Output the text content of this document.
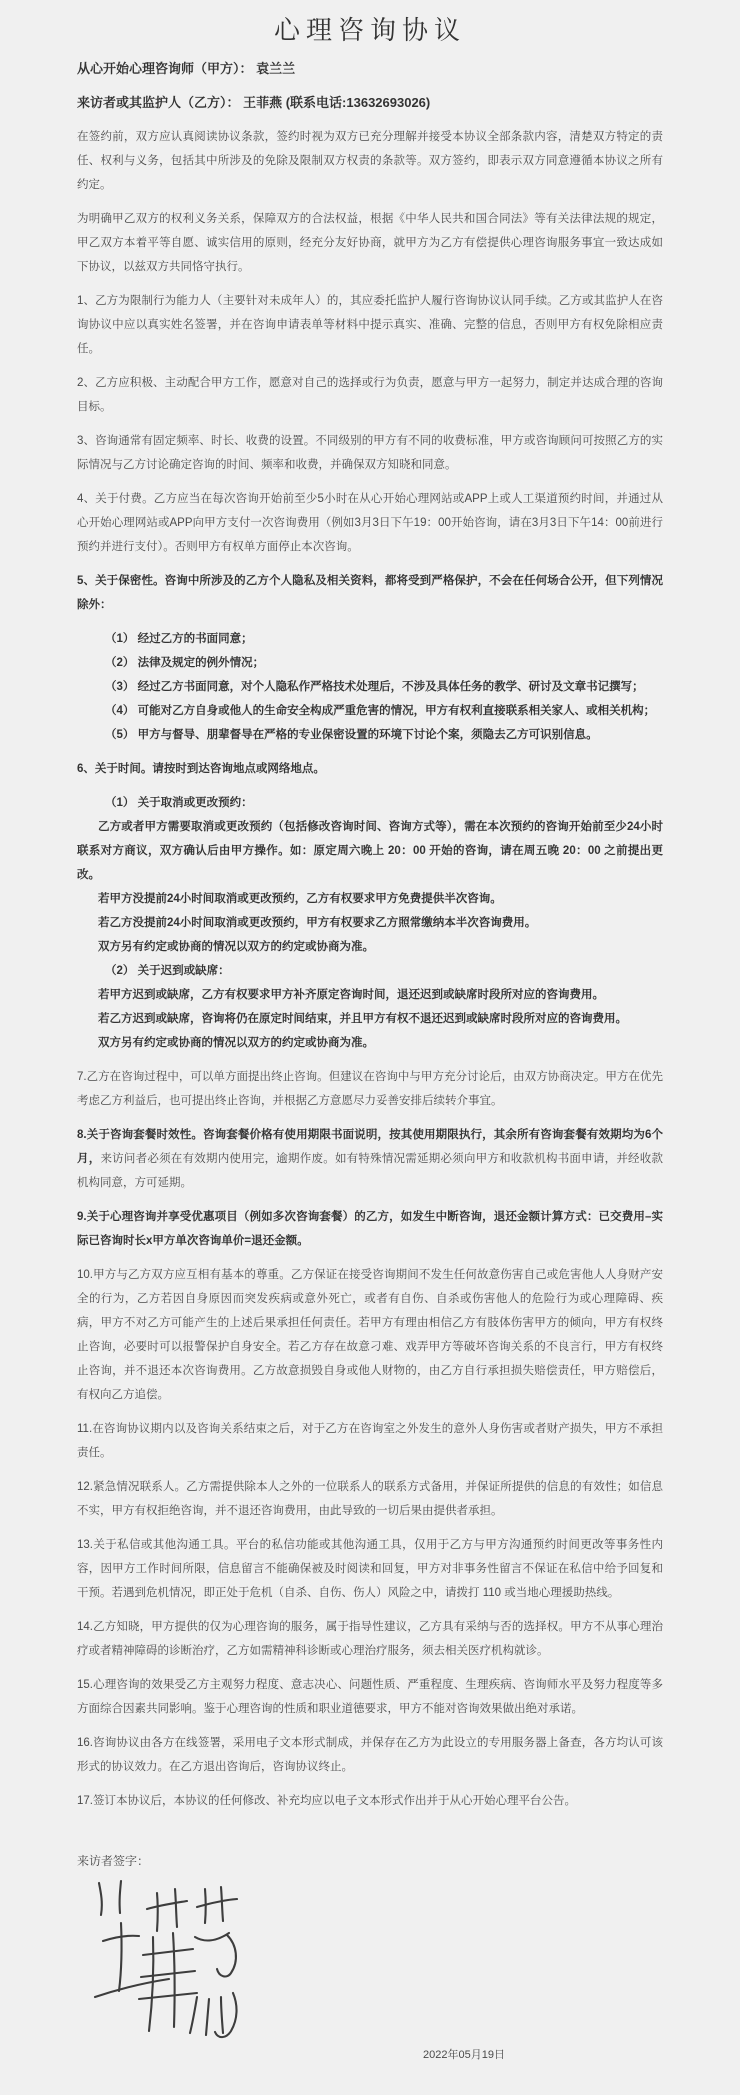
心理咨询协议

从心开始心理咨询师（甲方）： 袁兰兰

来访者或其监护人（乙方）： 王菲燕 (联系电话:13632693026)

在签约前，双方应认真阅读协议条款，签约时视为双方已充分理解并接受本协议全部条款内容，清楚双方特定的责任、权利与义务，包括其中所涉及的免除及限制双方权责的条款等。双方签约，即表示双方同意遵循本协议之所有约定。

为明确甲乙双方的权利义务关系，保障双方的合法权益，根据《中华人民共和国合同法》等有关法律法规的规定，甲乙双方本着平等自愿、诚实信用的原则，经充分友好协商，就甲方为乙方有偿提供心理咨询服务事宜一致达成如下协议，以兹双方共同恪守执行。

1、乙方为限制行为能力人（主要针对未成年人）的，其应委托监护人履行咨询协议认同手续。乙方或其监护人在咨询协议中应以真实姓名签署，并在咨询申请表单等材料中提示真实、准确、完整的信息，否则甲方有权免除相应责任。

2、乙方应积极、主动配合甲方工作，愿意对自己的选择或行为负责，愿意与甲方一起努力，制定并达成合理的咨询目标。

3、咨询通常有固定频率、时长、收费的设置。不同级别的甲方有不同的收费标准，甲方或咨询顾问可按照乙方的实际情况与乙方讨论确定咨询的时间、频率和收费，并确保双方知晓和同意。

4、关于付费。乙方应当在每次咨询开始前至少5小时在从心开始心理网站或APP上或人工渠道预约时间，并通过从心开始心理网站或APP向甲方支付一次咨询费用（例如3月3日下午19：00开始咨询，请在3月3日下午14：00前进行预约并进行支付）。否则甲方有权单方面停止本次咨询。

5、关于保密性。咨询中所涉及的乙方个人隐私及相关资料，都将受到严格保护，不会在任何场合公开，但下列情况除外：

（1） 经过乙方的书面同意；

（2） 法律及规定的例外情况；

（3） 经过乙方书面同意，对个人隐私作严格技术处理后，不涉及具体任务的教学、研讨及文章书记撰写；

（4） 可能对乙方自身或他人的生命安全构成严重危害的情况，甲方有权利直接联系相关家人、或相关机构；

（5） 甲方与督导、朋辈督导在严格的专业保密设置的环境下讨论个案，须隐去乙方可识别信息。

6、关于时间。请按时到达咨询地点或网络地点。

（1） 关于取消或更改预约：

乙方或者甲方需要取消或更改预约（包括修改咨询时间、咨询方式等），需在本次预约的咨询开始前至少24小时联系对方商议，双方确认后由甲方操作。如：原定周六晚上 20：00 开始的咨询，请在周五晚 20：00 之前提出更改。

若甲方没提前24小时间取消或更改预约，乙方有权要求甲方免费提供半次咨询。

若乙方没提前24小时间取消或更改预约，甲方有权要求乙方照常缴纳本半次咨询费用。

双方另有约定或协商的情况以双方的约定或协商为准。

（2） 关于迟到或缺席：

若甲方迟到或缺席，乙方有权要求甲方补齐原定咨询时间，退还迟到或缺席时段所对应的咨询费用。

若乙方迟到或缺席，咨询将仍在原定时间结束，并且甲方有权不退还迟到或缺席时段所对应的咨询费用。

双方另有约定或协商的情况以双方的约定或协商为准。

7.乙方在咨询过程中，可以单方面提出终止咨询。但建议在咨询中与甲方充分讨论后，由双方协商决定。甲方在优先考虑乙方利益后，也可提出终止咨询，并根据乙方意愿尽力妥善安排后续转介事宜。

8.关于咨询套餐时效性。咨询套餐价格有使用期限书面说明，按其使用期限执行，其余所有咨询套餐有效期均为6个月，来访问者必须在有效期内使用完，逾期作废。如有特殊情况需延期必须向甲方和收款机构书面申请，并经收款机构同意，方可延期。

9.关于心理咨询并享受优惠项目（例如多次咨询套餐）的乙方，如发生中断咨询，退还金额计算方式：已交费用–实际已咨询时长x甲方单次咨询单价=退还金额。

10.甲方与乙方双方应互相有基本的尊重。乙方保证在接受咨询期间不发生任何故意伤害自己或危害他人人身财产安全的行为，乙方若因自身原因而突发疾病或意外死亡，或者有自伤、自杀或伤害他人的危险行为或心理障碍、疾病，甲方不对乙方可能产生的上述后果承担任何责任。若甲方有理由相信乙方有肢体伤害甲方的倾向，甲方有权终止咨询，必要时可以报警保护自身安全。若乙方存在故意刁难、戏弄甲方等破坏咨询关系的不良言行，甲方有权终止咨询，并不退还本次咨询费用。乙方故意损毁自身或他人财物的，由乙方自行承担损失赔偿责任，甲方赔偿后，有权向乙方追偿。

11.在咨询协议期内以及咨询关系结束之后，对于乙方在咨询室之外发生的意外人身伤害或者财产损失，甲方不承担责任。

12.紧急情况联系人。乙方需提供除本人之外的一位联系人的联系方式备用，并保证所提供的信息的有效性；如信息不实，甲方有权拒绝咨询，并不退还咨询费用，由此导致的一切后果由提供者承担。

13.关于私信或其他沟通工具。平台的私信功能或其他沟通工具，仅用于乙方与甲方沟通预约时间更改等事务性内容，因甲方工作时间所限，信息留言不能确保被及时阅读和回复，甲方对非事务性留言不保证在私信中给予回复和干预。若遇到危机情况，即正处于危机（自杀、自伤、伤人）风险之中，请拨打 110 或当地心理援助热线。

14.乙方知晓，甲方提供的仅为心理咨询的服务，属于指导性建议，乙方具有采纳与否的选择权。甲方不从事心理治疗或者精神障碍的诊断治疗，乙方如需精神科诊断或心理治疗服务，须去相关医疗机构就诊。

15.心理咨询的效果受乙方主观努力程度、意志决心、问题性质、严重程度、生理疾病、咨询师水平及努力程度等多方面综合因素共同影响。鉴于心理咨询的性质和职业道德要求，甲方不能对咨询效果做出绝对承诺。

16.咨询协议由各方在线签署，采用电子文本形式制成，并保存在乙方为此设立的专用服务器上备查，各方均认可该形式的协议效力。在乙方退出咨询后，咨询协议终止。

17.签订本协议后，本协议的任何修改、补充均应以电子文本形式作出并于从心开始心理平台公告。

来访者签字：

2022年05月19日
